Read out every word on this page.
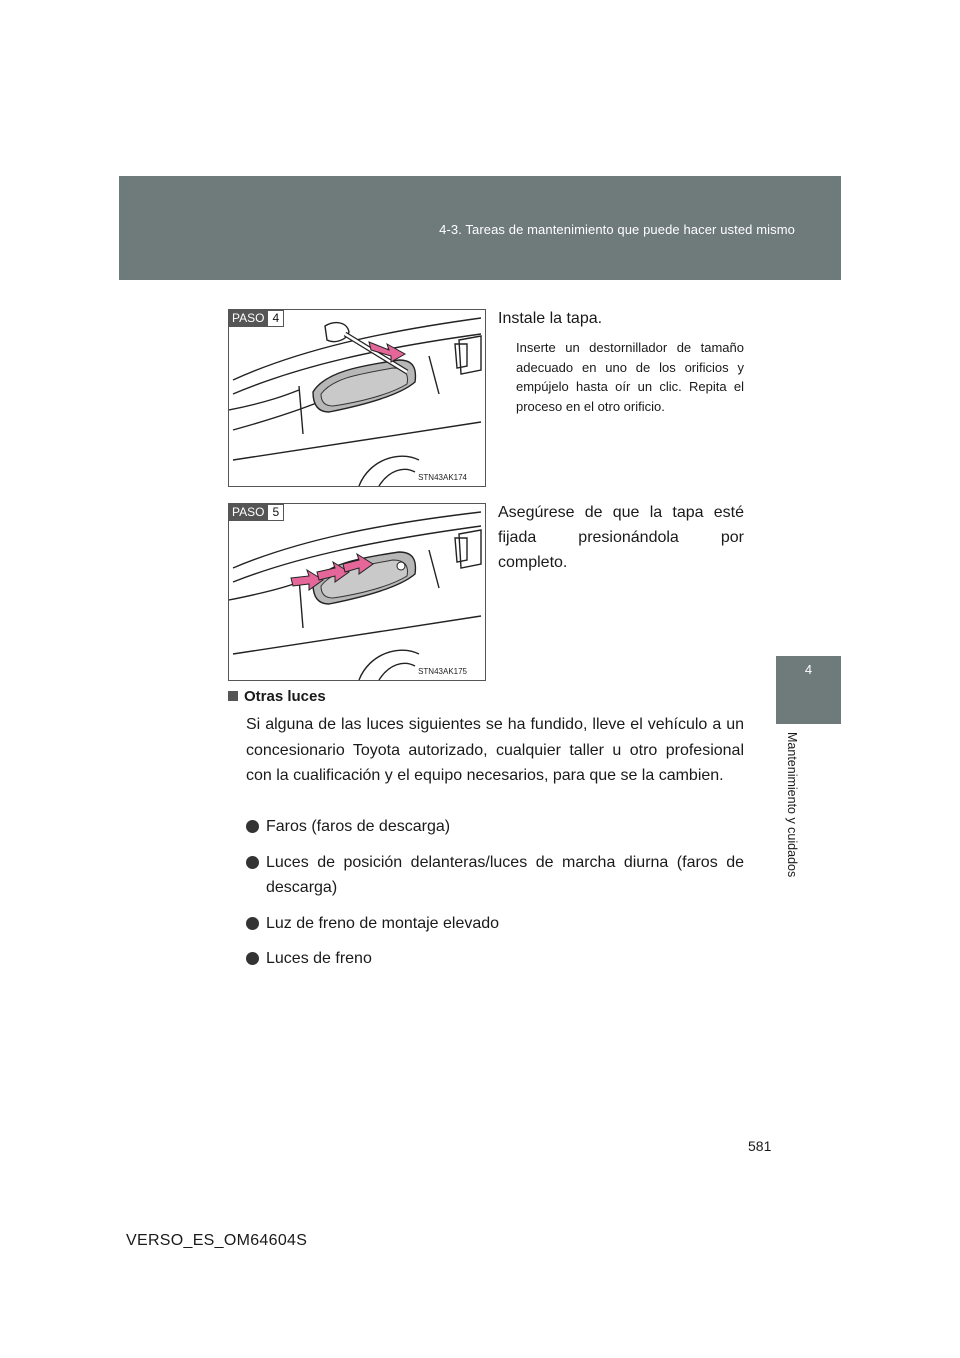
4-3. Tareas de mantenimiento que puede hacer usted mismo
4
Mantenimiento y cuidados
PASO 4
STN43AK174
Instale la tapa.
Inserte un destornillador de tamaño adecuado en uno de los orificios y empújelo hasta oír un clic. Repita el proceso en el otro orificio.
PASO 5
STN43AK175
Asegúrese de que la tapa esté fijada presionándola por
completo.
Otras luces
Si alguna de las luces siguientes se ha fundido, lleve el vehículo a un concesionario Toyota autorizado, cualquier taller u otro profesional con la cualificación y el equipo necesarios, para que se la cambien.
Faros (faros de descarga)
Luces de posición delanteras/luces de marcha diurna (faros de descarga)
Luz de freno de montaje elevado
Luces de freno
581
VERSO_ES_OM64604S
